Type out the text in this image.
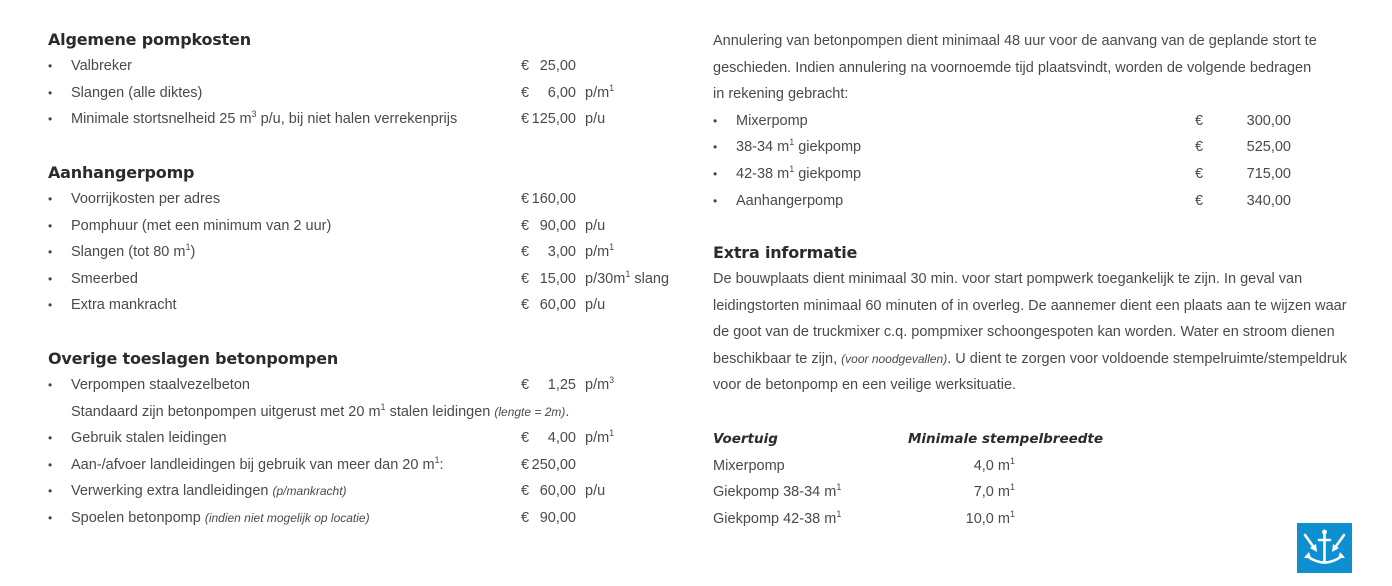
Algemene pompkosten
•	Valbreker	€ 25,00
•	Slangen (alle diktes)	€	6,00 $p/m^1$
•	Minimale stortsnelheid 25 $m^3$ p/u, bij niet halen verrekenprijs	€ 125,00 p/u
Aanhangerpomp
•	Voorrijkosten per adres	€ 160,00
•	Pomphuur (met een minimum van 2 uur)	€ 90,00 p/u
•	Slangen (tot 80 $m^1$)	€	3,00 $p/m^1$
•	Smeerbed	€ 15,00 $p/30m^1$ slang
•	Extra mankracht	€ 60,00 p/u
Overige toeslagen betonpompen
•	Verpompen staalvezelbeton	€	1,25 $p/m^3$
Standaard zijn betonpompen uitgerust met 20 $m^1$ stalen leidingen (lengte = 2m).
•	Gebruik stalen leidingen	€	4,00 $p/m^1$
•	Aan-/afvoer landleidingen bij gebruik van meer dan 20 $m^1$:	€ 250,00
•	Verwerking extra landleidingen (p/mankracht)	€ 60,00 p/u
•	Spoelen betonpomp (indien niet mogelijk op locatie)	€ 90,00

Annulering van betonpompen dient minimaal 48 uur voor de aanvang van de geplande stort te

geschieden. Indien annulering na voornoemde tijd plaatsvindt, worden de volgende bedragen

in rekening gebracht:

•	Mixerpomp	€	300,00
•	38-34 $m^1$ giekpomp	€	525,00
•	42-38 $m^1$ giekpomp	€	715,00
•	Aanhangerpomp	€	340,00
Extra informatie

De bouwplaats dient minimaal 30 min. voor start pompwerk toegankelijk te zijn. In geval van

leidingstorten minimaal 60 minuten of in overleg. De aannemer dient een plaats aan te wijzen waar

de goot van de truckmixer c.q. pompmixer schoongespoten kan worden. Water en stroom dienen

beschikbaar te zijn, (voor noodgevallen). U dient te zorgen voor voldoende stempelruimte/stempeldruk

voor de betonpomp en een veilige werksituatie.

Voertuig	Minimale stempelbreedte
Mixerpomp	4,0 $m^1$
Giekpomp 38-34 $m^1$	7,0 $m^1$
Giekpomp 42-38 $m^1$	10,0 $m^1$
